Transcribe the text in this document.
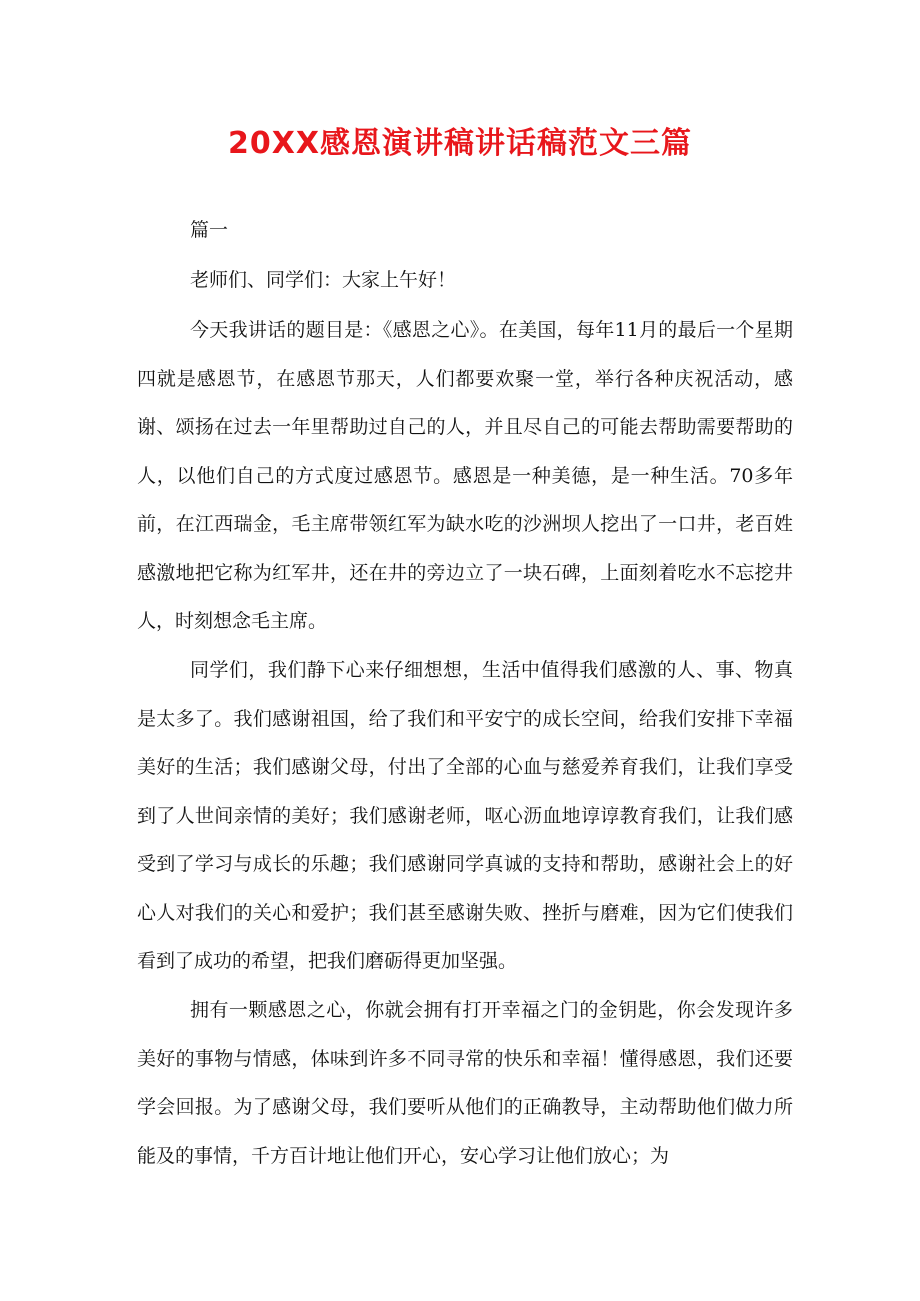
20XX感恩演讲稿讲话稿范文三篇

篇一

老师们、同学们：大家上午好！

今天我讲话的题目是：《感恩之心》。在美国，每年11月的最后一个星期四就是感恩节，在感恩节那天，人们都要欢聚一堂，举行各种庆祝活动，感谢、颂扬在过去一年里帮助过自己的人，并且尽自己的可能去帮助需要帮助的人，以他们自己的方式度过感恩节。感恩是一种美德，是一种生活。70多年前，在江西瑞金，毛主席带领红军为缺水吃的沙洲坝人挖出了一口井，老百姓感激地把它称为红军井，还在井的旁边立了一块石碑，上面刻着吃水不忘挖井人，时刻想念毛主席。

同学们，我们静下心来仔细想想，生活中值得我们感激的人、事、物真是太多了。我们感谢祖国，给了我们和平安宁的成长空间，给我们安排下幸福美好的生活；我们感谢父母，付出了全部的心血与慈爱养育我们，让我们享受到了人世间亲情的美好；我们感谢老师，呕心沥血地谆谆教育我们，让我们感受到了学习与成长的乐趣；我们感谢同学真诚的支持和帮助，感谢社会上的好心人对我们的关心和爱护；我们甚至感谢失败、挫折与磨难，因为它们使我们看到了成功的希望，把我们磨砺得更加坚强。

拥有一颗感恩之心，你就会拥有打开幸福之门的金钥匙，你会发现许多美好的事物与情感，体味到许多不同寻常的快乐和幸福！懂得感恩，我们还要学会回报。为了感谢父母，我们要听从他们的正确教导，主动帮助他们做力所能及的事情，千方百计地让他们开心，安心学习让他们放心；为
